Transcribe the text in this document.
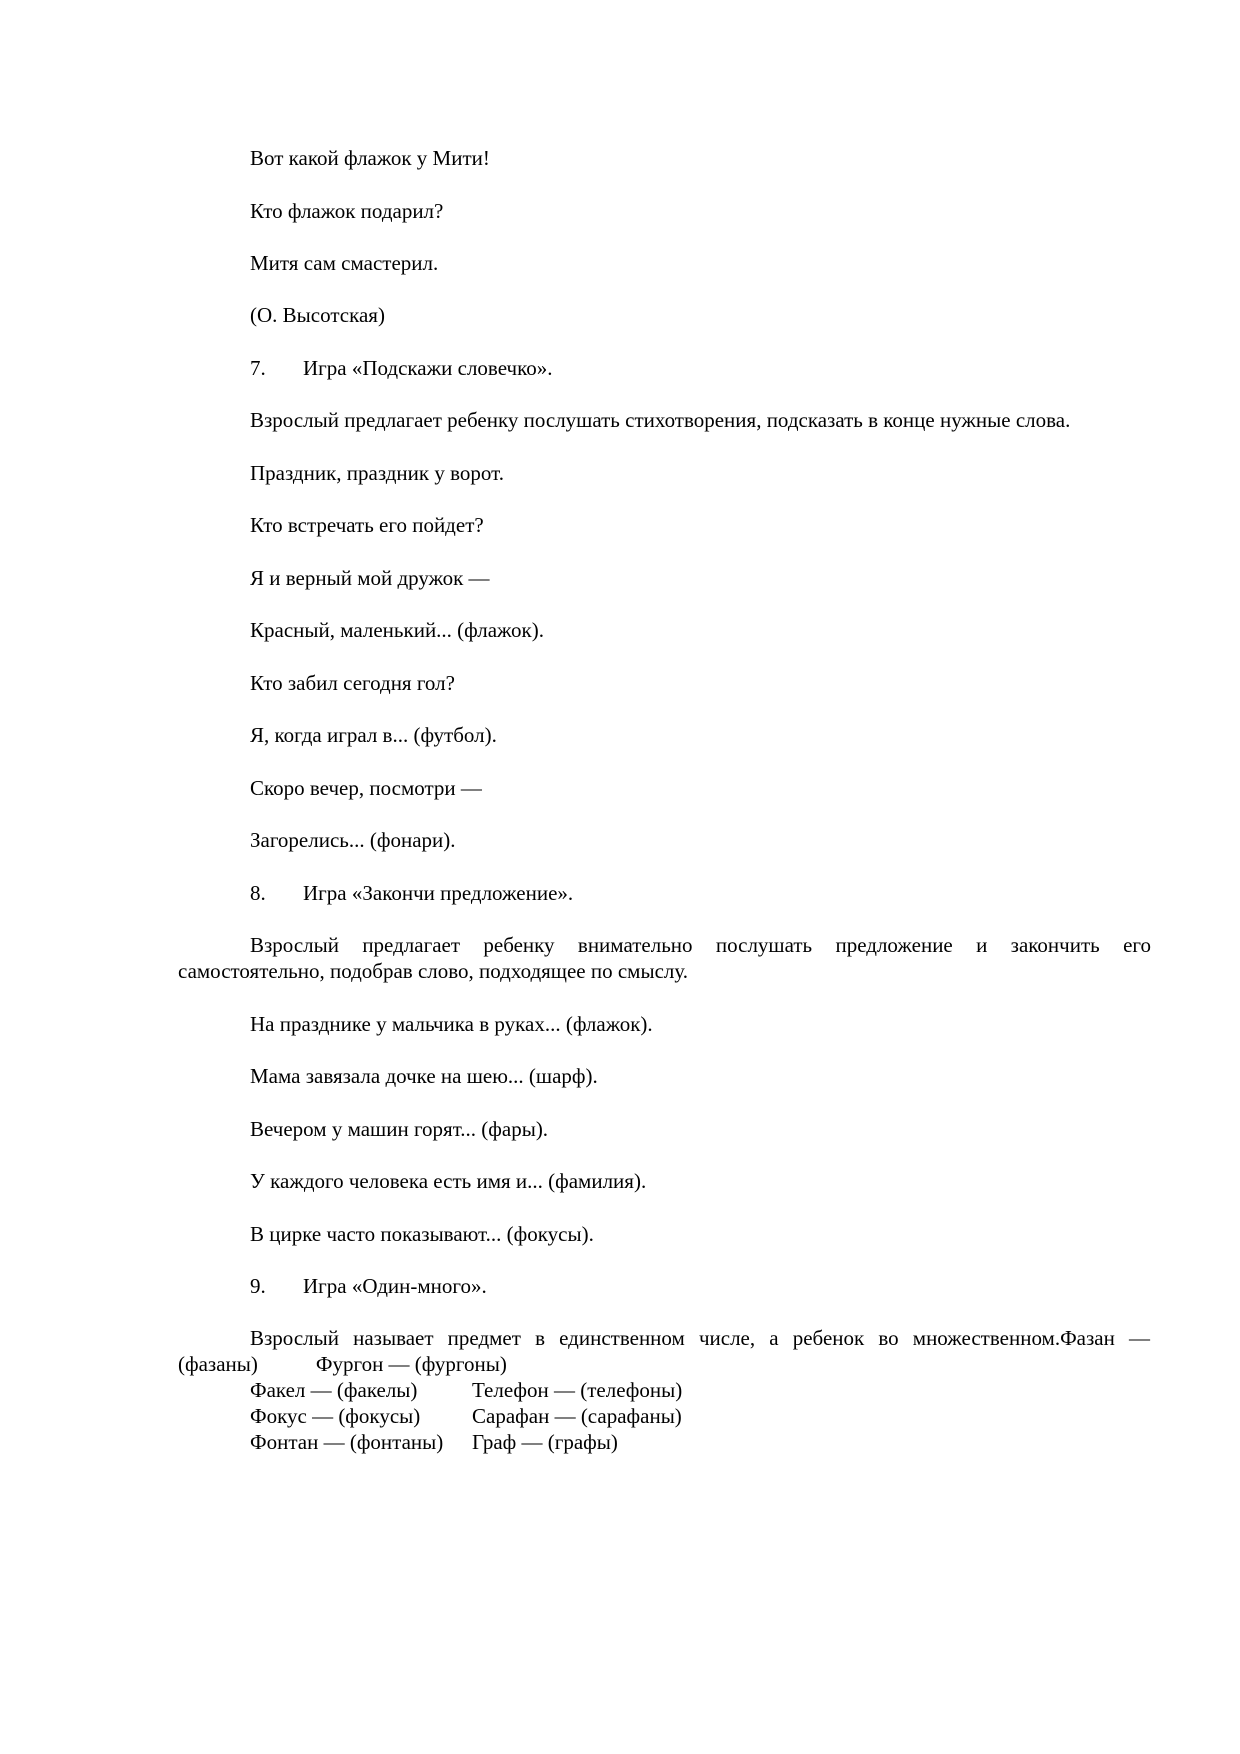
Вот какой флажок у Мити!
Кто флажок подарил?
Митя сам смастерил.
(О. Высотская)
7. Игра «Подскажи словечко».
Взрослый предлагает ребенку послушать стихотворения, подсказать в конце нужные слова.
Праздник, праздник у ворот.
Кто встречать его пойдет?
Я и верный мой дружок —
Красный, маленький... (флажок).
Кто забил сегодня гол?
Я, когда играл в... (футбол).
Скоро вечер, посмотри —
Загорелись... (фонари).
8. Игра «Закончи предложение».
Взрослый предлагает ребенку внимательно послушать предложение и закончить его самостоятельно, подобрав слово, подходящее по смыслу.
На празднике у мальчика в руках... (флажок).
Мама завязала дочке на шею... (шарф).
Вечером у машин горят... (фары).
У каждого человека есть имя и... (фамилия).
В цирке часто показывают... (фокусы).
9. Игра «Один-много».
Взрослый называет предмет в единственном числе, а ребенок во множественном.Фазан —
(фазаны)	Фургон — (фургоны)
Факел — (факелы)	Телефон — (телефоны)
Фокус — (фокусы) Сарафан — (сарафаны)
Фонтан — (фонтаны) Граф — (графы)
